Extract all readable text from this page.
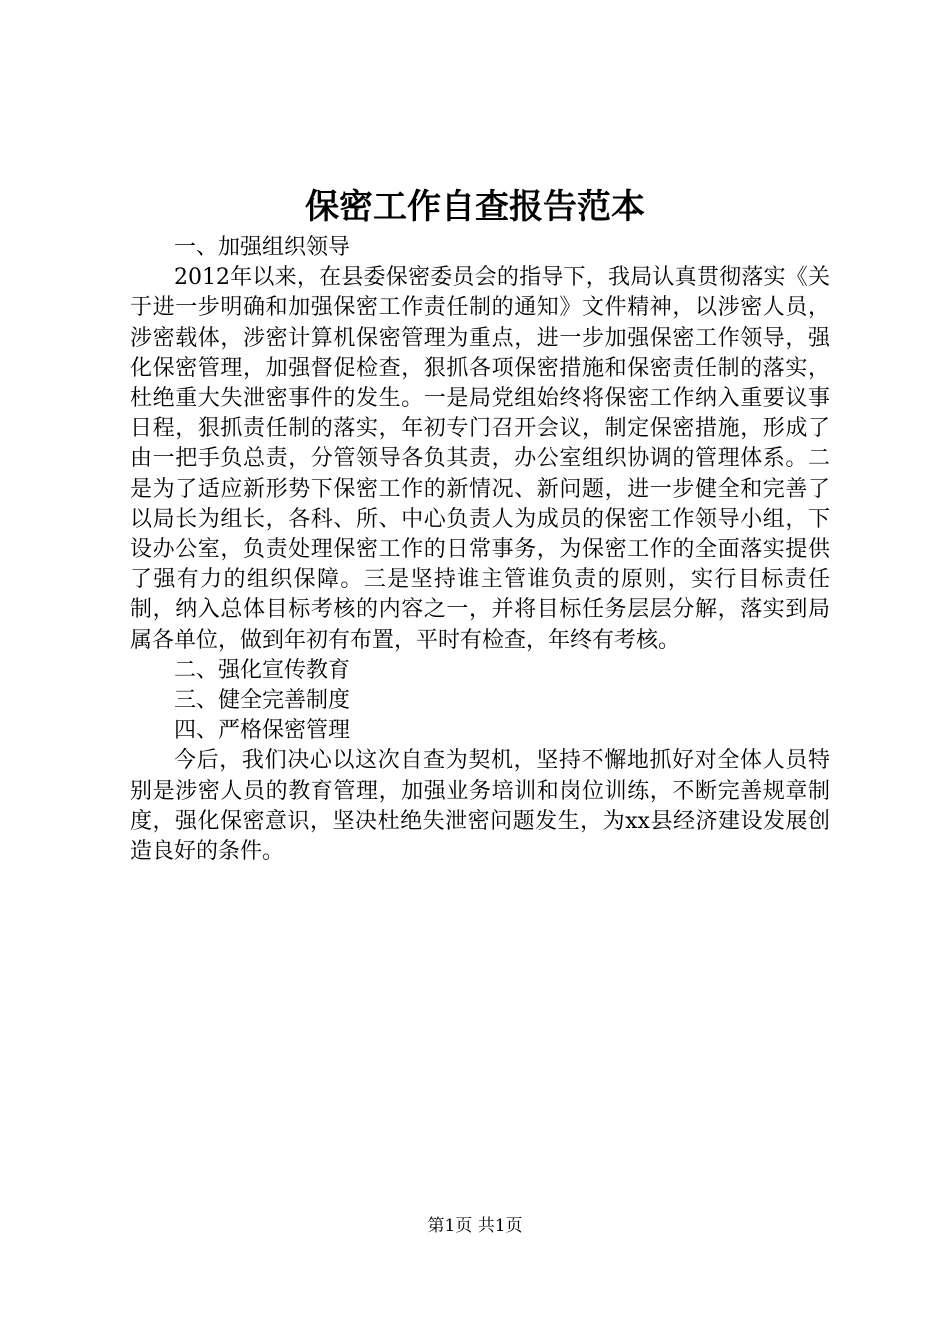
保密工作自查报告范本

一、加强组织领导

2012年以来，在县委保密委员会的指导下，我局认真贯彻落实《关于进一步明确和加强保密工作责任制的通知》文件精神，以涉密人员，涉密载体，涉密计算机保密管理为重点，进一步加强保密工作领导，强化保密管理，加强督促检查，狠抓各项保密措施和保密责任制的落实，杜绝重大失泄密事件的发生。一是局党组始终将保密工作纳入重要议事日程，狠抓责任制的落实，年初专门召开会议，制定保密措施，形成了由一把手负总责，分管领导各负其责，办公室组织协调的管理体系。二是为了适应新形势下保密工作的新情况、新问题，进一步健全和完善了以局长为组长，各科、所、中心负责人为成员的保密工作领导小组，下设办公室，负责处理保密工作的日常事务，为保密工作的全面落实提供了强有力的组织保障。三是坚持谁主管谁负责的原则，实行目标责任制，纳入总体目标考核的内容之一，并将目标任务层层分解，落实到局属各单位，做到年初有布置，平时有检查，年终有考核。

二、强化宣传教育

三、健全完善制度

四、严格保密管理

今后，我们决心以这次自查为契机，坚持不懈地抓好对全体人员特别是涉密人员的教育管理，加强业务培训和岗位训练，不断完善规章制度，强化保密意识，坚决杜绝失泄密问题发生，为xx县经济建设发展创造良好的条件。

第1页 共1页
